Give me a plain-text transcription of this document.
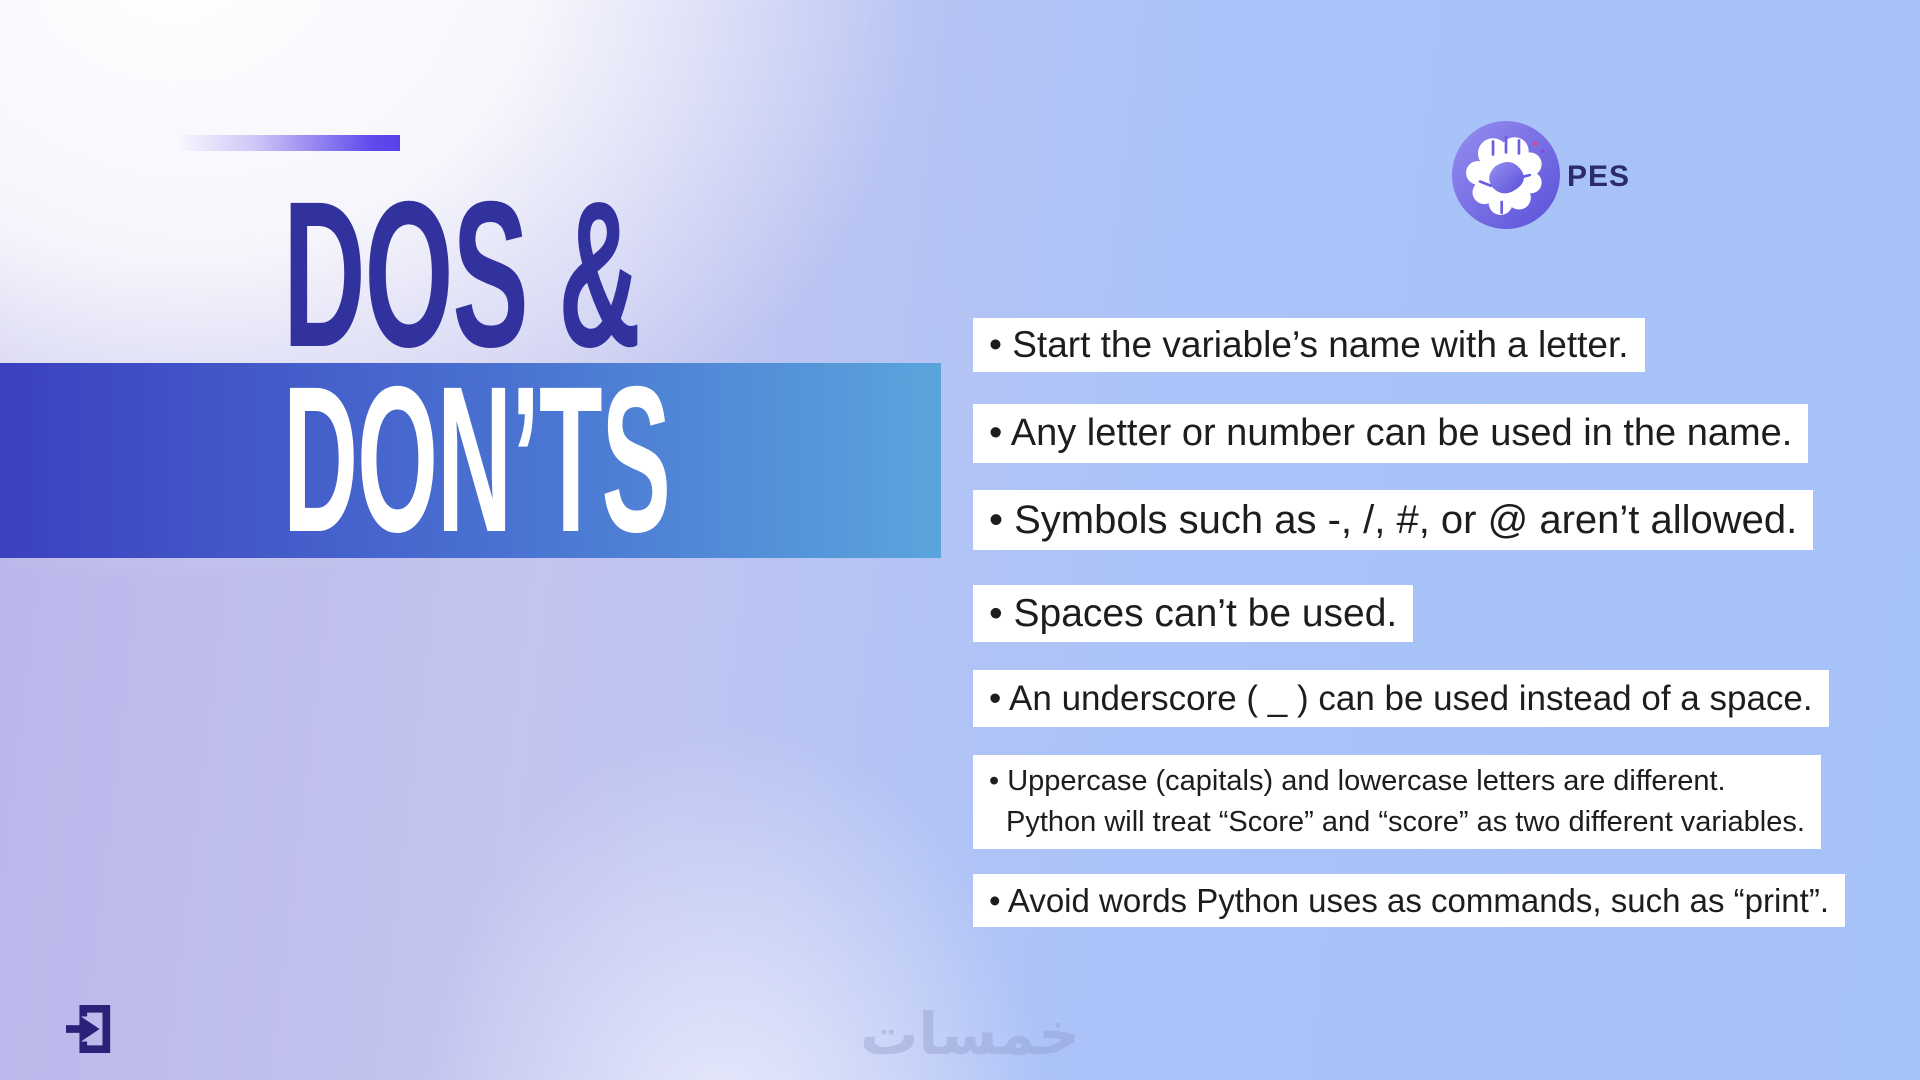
DOS &
DON’TS
PES
• Start the variable’s name with a letter.
• Any letter or number can be used in the name.
• Symbols such as -, /, #, or @ aren’t allowed.
• Spaces can’t be used.
• An underscore ( _ ) can be used instead of a space.
• Uppercase (capitals) and lowercase letters are different.
Python will treat “Score” and “score” as two different variables.
• Avoid words Python uses as commands, such as “print”.
خمسات
